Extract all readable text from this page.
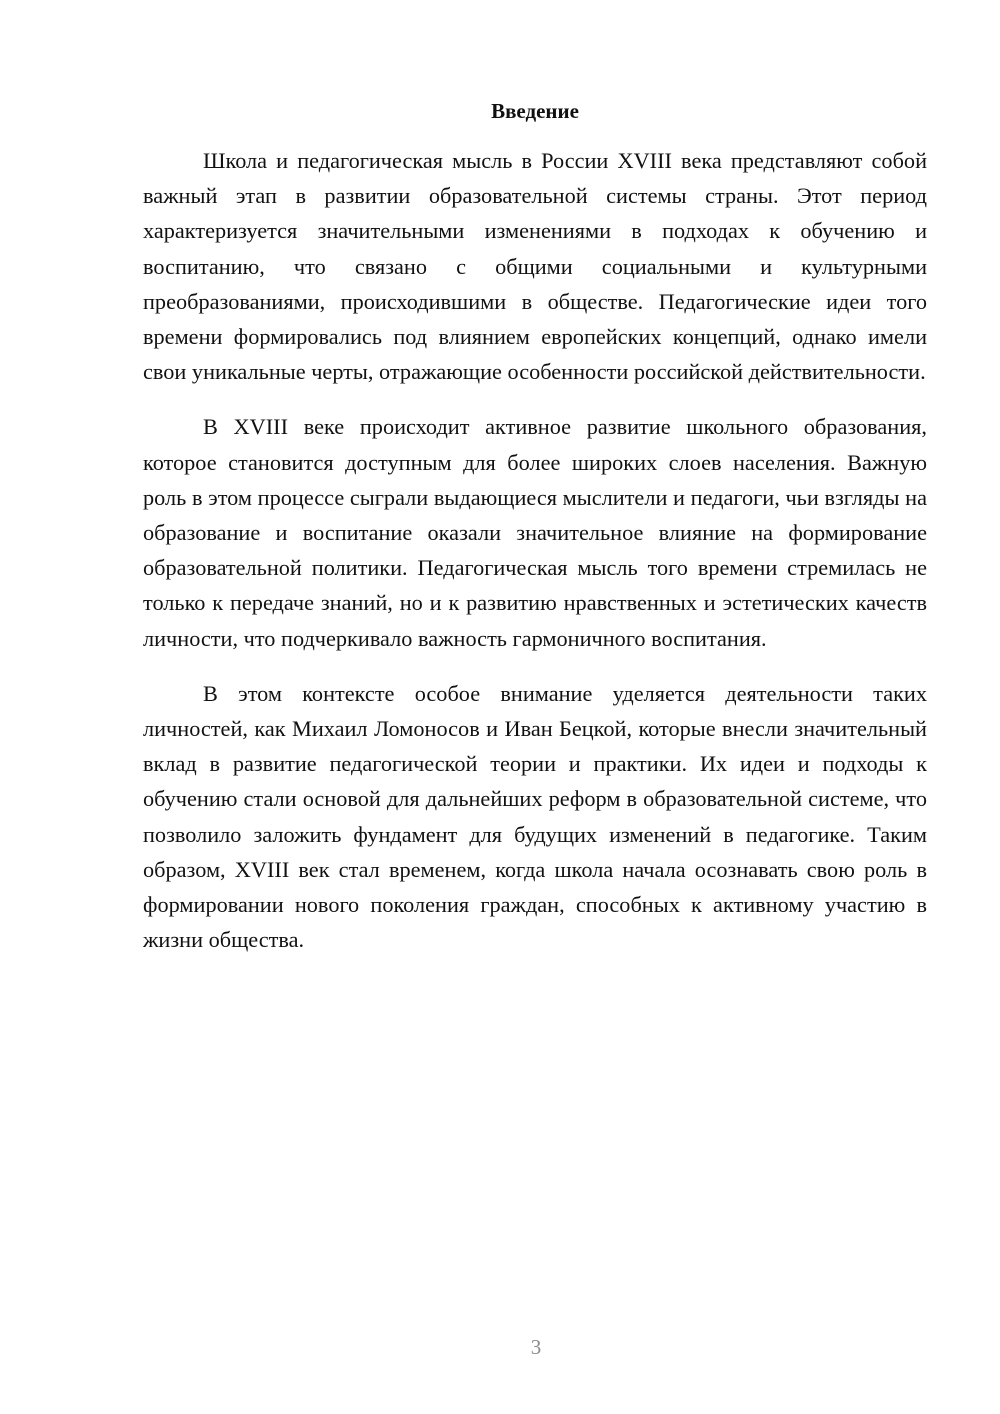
Введение

Школа и педагогическая мысль в России XVIII века представляют собой важный этап в развитии образовательной системы страны. Этот период характеризуется значительными изменениями в подходах к обучению и воспитанию, что связано с общими социальными и культурными преобразованиями, происходившими в обществе. Педагогические идеи того времени формировались под влиянием европейских концепций, однако имели свои уникальные черты, отражающие особенности российской действительности.

В XVIII веке происходит активное развитие школьного образования, которое становится доступным для более широких слоев населения. Важную роль в этом процессе сыграли выдающиеся мыслители и педагоги, чьи взгляды на образование и воспитание оказали значительное влияние на формирование образовательной политики. Педагогическая мысль того времени стремилась не только к передаче знаний, но и к развитию нравственных и эстетических качеств личности, что подчеркивало важность гармоничного воспитания.

В этом контексте особое внимание уделяется деятельности таких личностей, как Михаил Ломоносов и Иван Бецкой, которые внесли значительный вклад в развитие педагогической теории и практики. Их идеи и подходы к обучению стали основой для дальнейших реформ в образовательной системе, что позволило заложить фундамент для будущих изменений в педагогике. Таким образом, XVIII век стал временем, когда школа начала осознавать свою роль в формировании нового поколения граждан, способных к активному участию в жизни общества.

3
